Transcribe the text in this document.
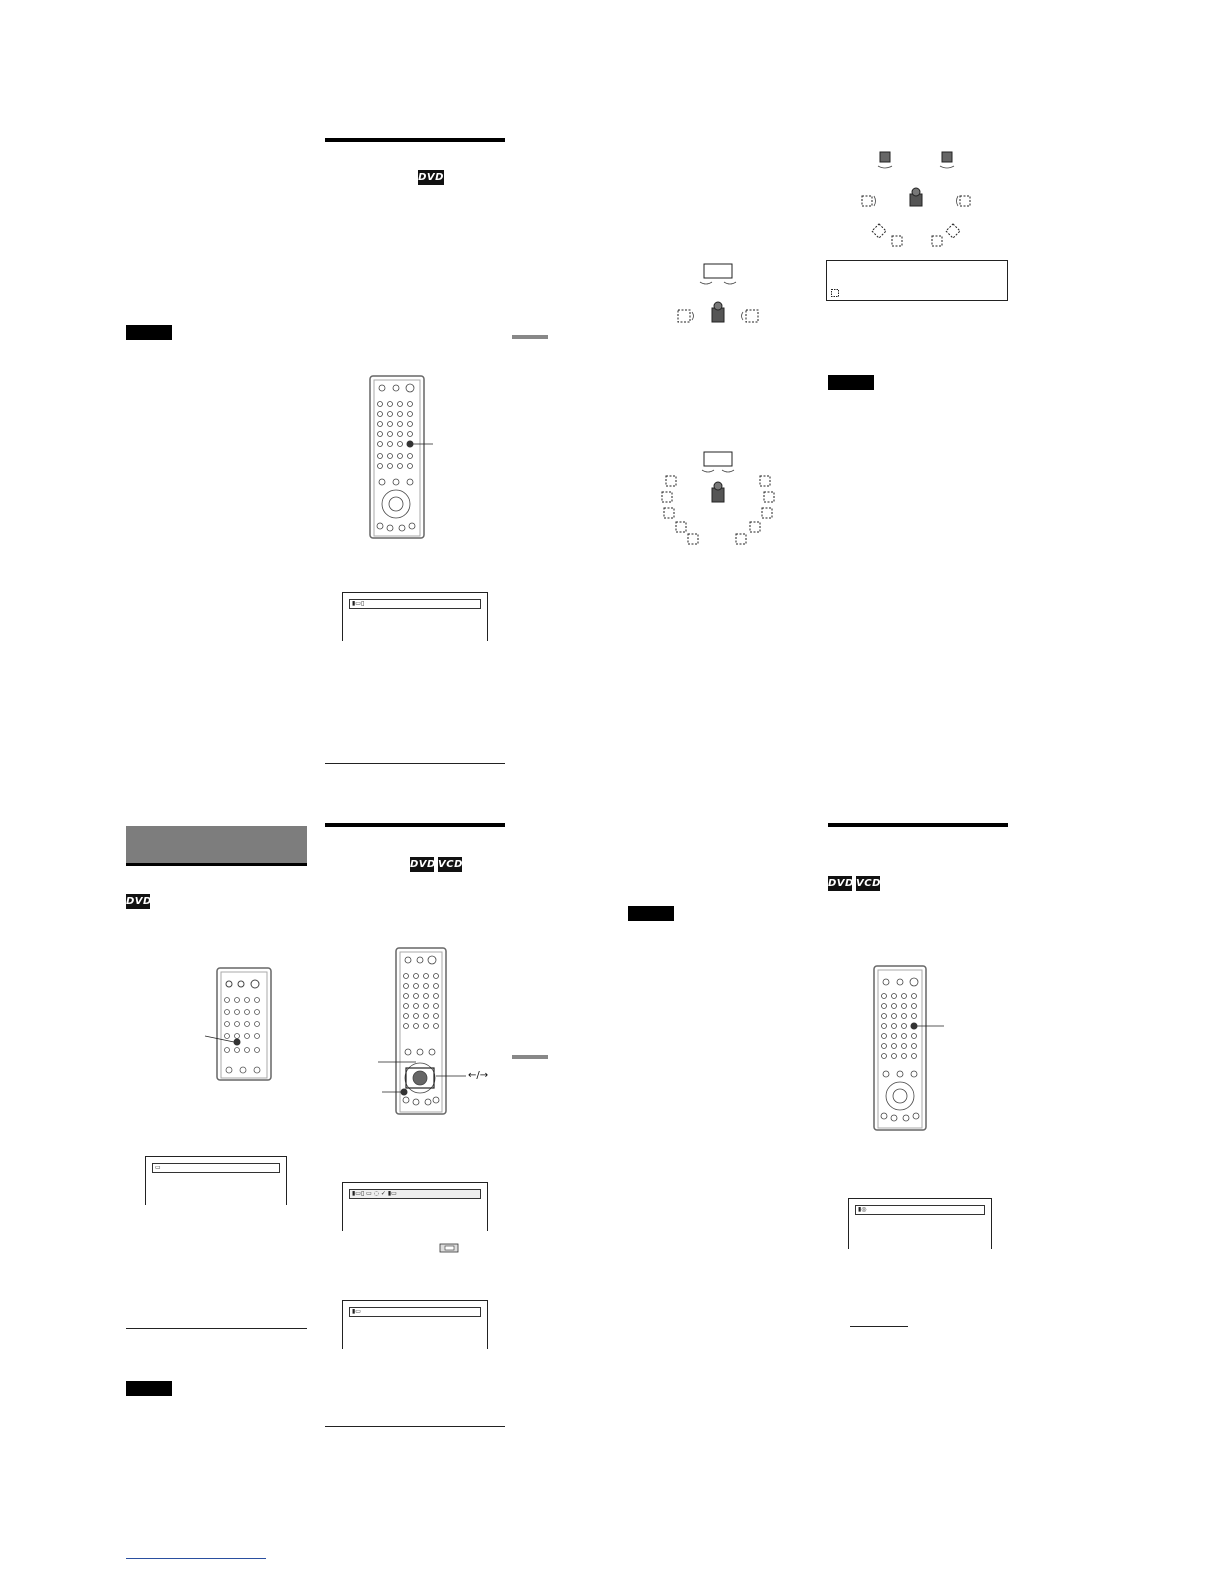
DVD
▭
DVD
▮▭▯
DVD VCD
←/→
▮▭▯ ▭ ◌ ✓ ▮▭
▮▭
DVD VCD
▮◎
